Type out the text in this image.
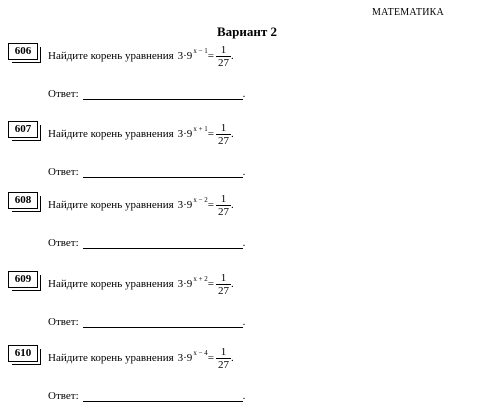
МАТЕМАТИКА
Вариант 2
606	Найдите корень уравнения 3·9 $x - 1 = \frac{1}{27}$ .
Ответ:	.
607	Найдите корень уравнения 3·9 $x + 1 = \frac{1}{27}$ .
Ответ:	.
608	Найдите корень уравнения 3·9 $x - 2 = \frac{1}{27}$ .
Ответ:	.
609	Найдите корень уравнения 3·9 $x + 2 = \frac{1}{27}$ .
Ответ:	.
610	Найдите корень уравнения 3·9 $x - 4 = \frac{1}{27}$ .
Ответ:	.
